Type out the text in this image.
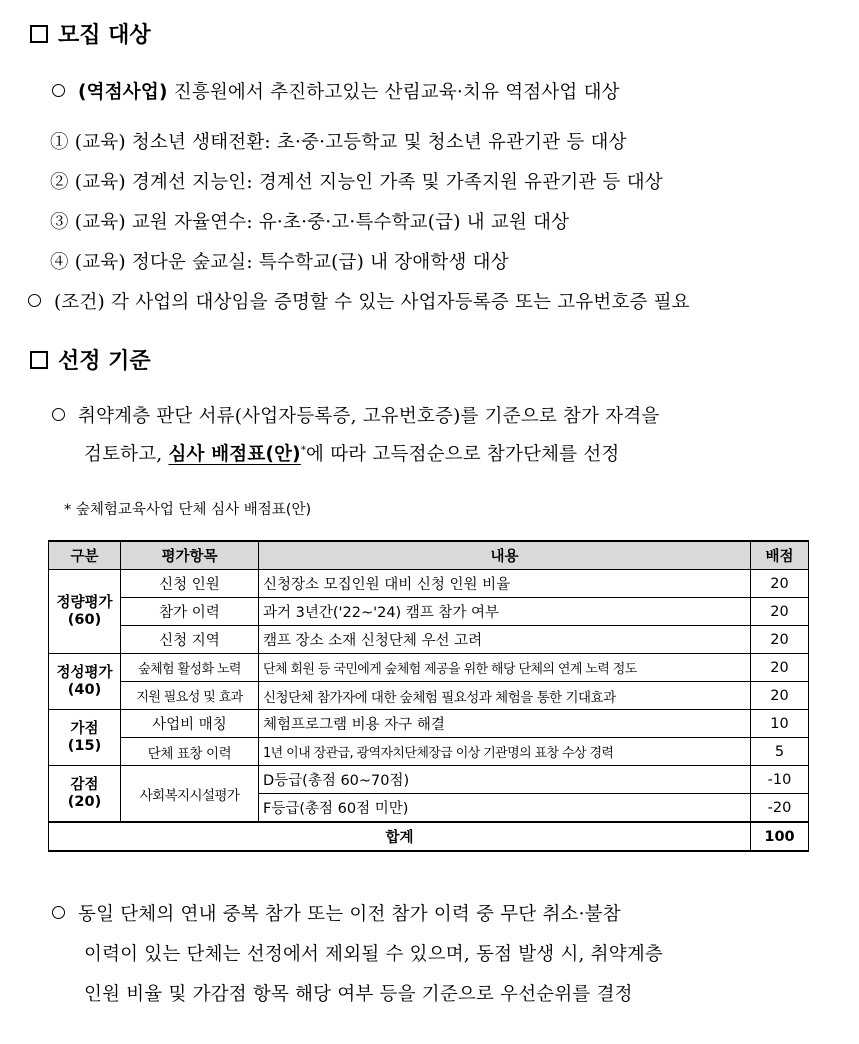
모집 대상
(역점사업) 진흥원에서 추진하고있는 산림교육·치유 역점사업 대상
① (교육) 청소년 생태전환: 초·중·고등학교 및 청소년 유관기관 등 대상
② (교육) 경계선 지능인: 경계선 지능인 가족 및 가족지원 유관기관 등 대상
③ (교육) 교원 자율연수: 유·초·중·고·특수학교(급) 내 교원 대상
④ (교육) 정다운 숲교실: 특수학교(급) 내 장애학생 대상
(조건) 각 사업의 대상임을 증명할 수 있는 사업자등록증 또는 고유번호증 필요
선정 기준
취약계층 판단 서류(사업자등록증, 고유번호증)를 기준으로 참가 자격을
검토하고, 심사 배점표(안)*에 따라 고득점순으로 참가단체를 선정
* 숲체험교육사업 단체 심사 배점표(안)
구분	평가항목	내용	배점

정량평가
(60)	신청 인원	신청장소 모집인원 대비 신청 인원 비율	20
	참가 이력	과거 3년간('22~'24) 캠프 참가 여부	20
	신청 지역	캠프 장소 소재 신청단체 우선 고려	20

정성평가
(40)	숲체험 활성화 노력	단체 회원 등 국민에게 숲체험 제공을 위한 해당 단체의 연계 노력 정도	20
	지원 필요성 및 효과	신청단체 참가자에 대한 숲체험 필요성과 체험을 통한 기대효과	20

가점
(15)	사업비 매칭	체험프로그램 비용 자구 해결	10
	단체 표창 이력	1년 이내 장관급, 광역자치단체장급 이상 기관명의 표창 수상 경력	5

감점
(20)	사회복지시설평가	D등급(총점 60~70점)	-10
		F등급(총점 60점 미만)	-20
합계			100
동일 단체의 연내 중복 참가 또는 이전 참가 이력 중 무단 취소·불참
이력이 있는 단체는 선정에서 제외될 수 있으며, 동점 발생 시, 취약계층
인원 비율 및 가감점 항목 해당 여부 등을 기준으로 우선순위를 결정
